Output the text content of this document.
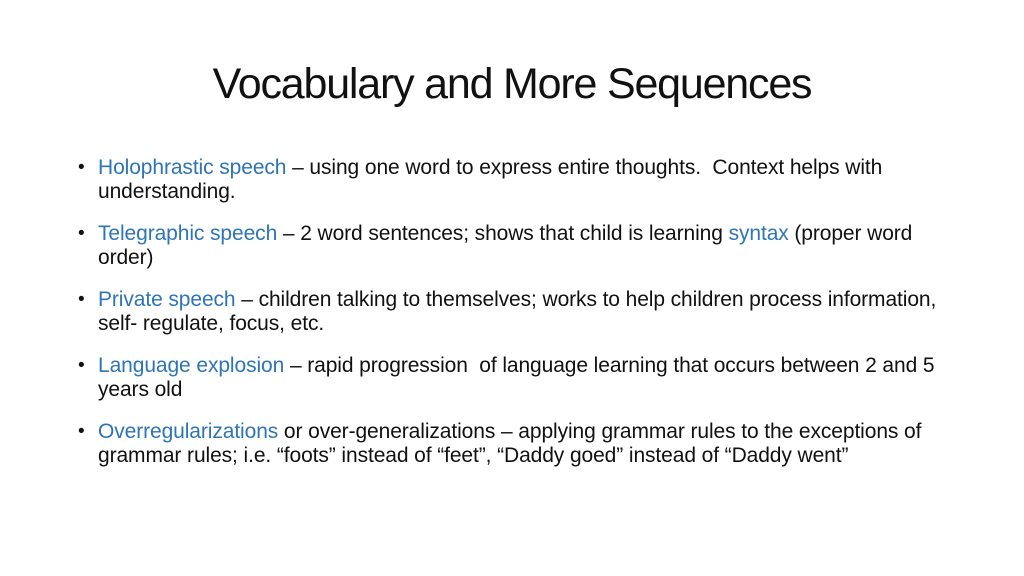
Vocabulary and More Sequences
• Holophrastic speech – using one word to express entire thoughts.  Context helps with understanding.
• Telegraphic speech – 2 word sentences; shows that child is learning syntax (proper word order)
• Private speech – children talking to themselves; works to help children process information, self- regulate, focus, etc.
• Language explosion – rapid progression  of language learning that occurs between 2 and 5 years old
• Overregularizations or over-generalizations – applying grammar rules to the exceptions of grammar rules; i.e. “foots” instead of “feet”, “Daddy goed” instead of “Daddy went”
